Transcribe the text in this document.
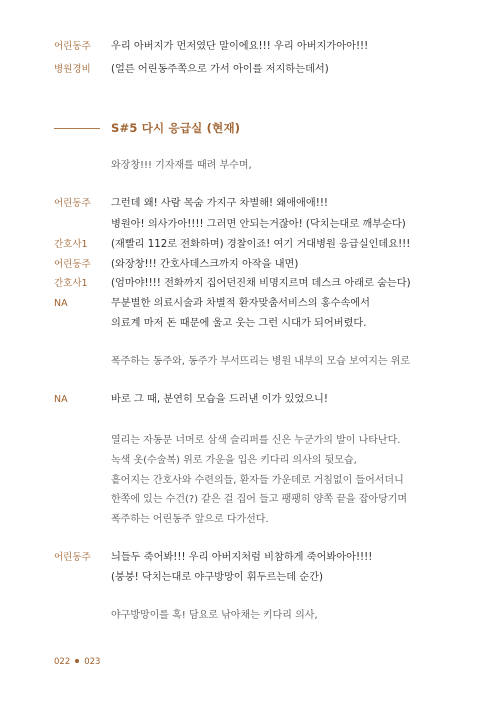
어린동주 우리 아버지가 먼저였단 말이에요!!! 우리 아버지가아아!!!
병원경비 (얼른 어린동주쪽으로 가서 아이를 저지하는데서)
S#5 다시 응급실 (현재)
와장창!!! 기자재를 때려 부수며,
어린동주 그런데 왜! 사람 목숨 가지구 차별해! 왜애애애!!!
병원아! 의사가아!!!! 그러면 안되는거잖아! (닥치는대로 깨부순다)
간호사1 (재빨리 112로 전화하며) 경찰이죠! 여기 거대병원 응급실인데요!!!
어린동주 (와장창!!! 간호사데스크까지 아작을 내면)
간호사1 (엄마야!!!! 전화까지 집어던진채 비명지르며 데스크 아래로 숨는다)
NA	무분별한 의료시술과 차별적 환자맞춤서비스의 홍수속에서
의료계 마저 돈 때문에 울고 웃는 그런 시대가 되어버렸다.
폭주하는 동주와, 동주가 부서뜨리는 병원 내부의 모습 보여지는 위로
NA	바로 그 때, 분연히 모습을 드러낸 이가 있었으니!
열리는 자동문 너머로 삼색 슬리퍼를 신은 누군가의 발이 나타난다.
녹색 옷(수술복) 위로 가운을 입은 키다리 의사의 뒷모습,
흩어지는 간호사와 수련의들, 환자들 가운데로 거침없이 들어서더니
한쪽에 있는 수건(?) 같은 걸 집어 들고 팽팽히 양쪽 끝을 잡아당기며
폭주하는 어린동주 앞으로 다가선다.
어린동주 늬들두 죽어봐!!! 우리 아버지처럼 비참하게 죽어봐아아!!!!
(붕붕! 닥치는대로 야구방망이 휘두르는데 순간)
야구방망이를 혹! 담요로 낚아채는 키다리 의사,
022 023
